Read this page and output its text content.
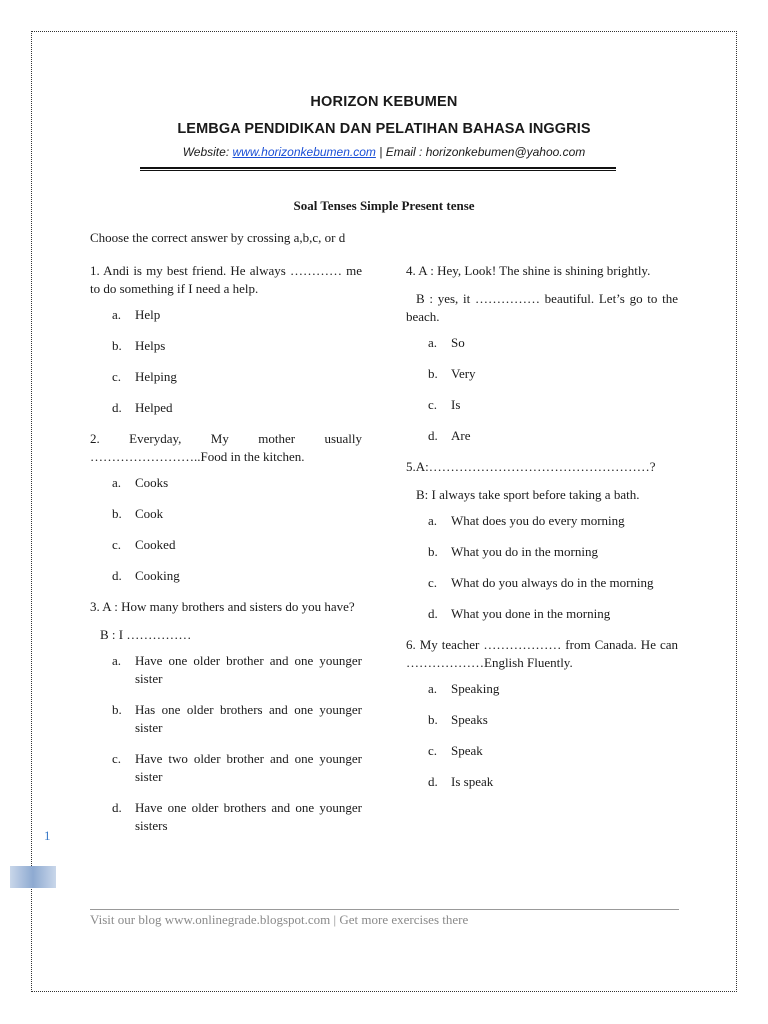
HORIZON KEBUMEN
LEMBGA PENDIDIKAN DAN PELATIHAN BAHASA INGGRIS
Website: www.horizonkebumen.com | Email : horizonkebumen@yahoo.com
Soal Tenses Simple Present tense
Choose the correct answer by crossing a,b,c, or d

1. Andi is my best friend. He always ………… me to do something if I need a help.

a.	Help
b.	Helps
c.	Helping
d.	Helped

2. Everyday, My mother usually ……………………..Food in the kitchen.

a.	Cooks
b.	Cook
c.	Cooked
d.	Cooking

3. A : How many brothers and sisters do you have?

B : I ……………

a.	Have one older brother and one younger sister
b.	Has one older brothers and one younger sister
c.	Have two older brother and one younger sister
d.	Have one older brothers and one younger sisters

4. A : Hey, Look! The shine is shining brightly.

B : yes, it …………… beautiful. Let’s go to the beach.

a.	So
b.	Very
c.	Is
d.	Are

5.A:……………………………………………?

B: I always take sport before taking a bath.

a.	What does you do every morning
b.	What you do in the morning
c.	What do you always do in the morning
d.	What you done in the morning

6. My teacher ……………… from Canada. He can ………………English Fluently.

a.	Speaking
b.	Speaks
c.	Speak
d.	Is speak
1
Visit our blog www.onlinegrade.blogspot.com | Get more exercises there
